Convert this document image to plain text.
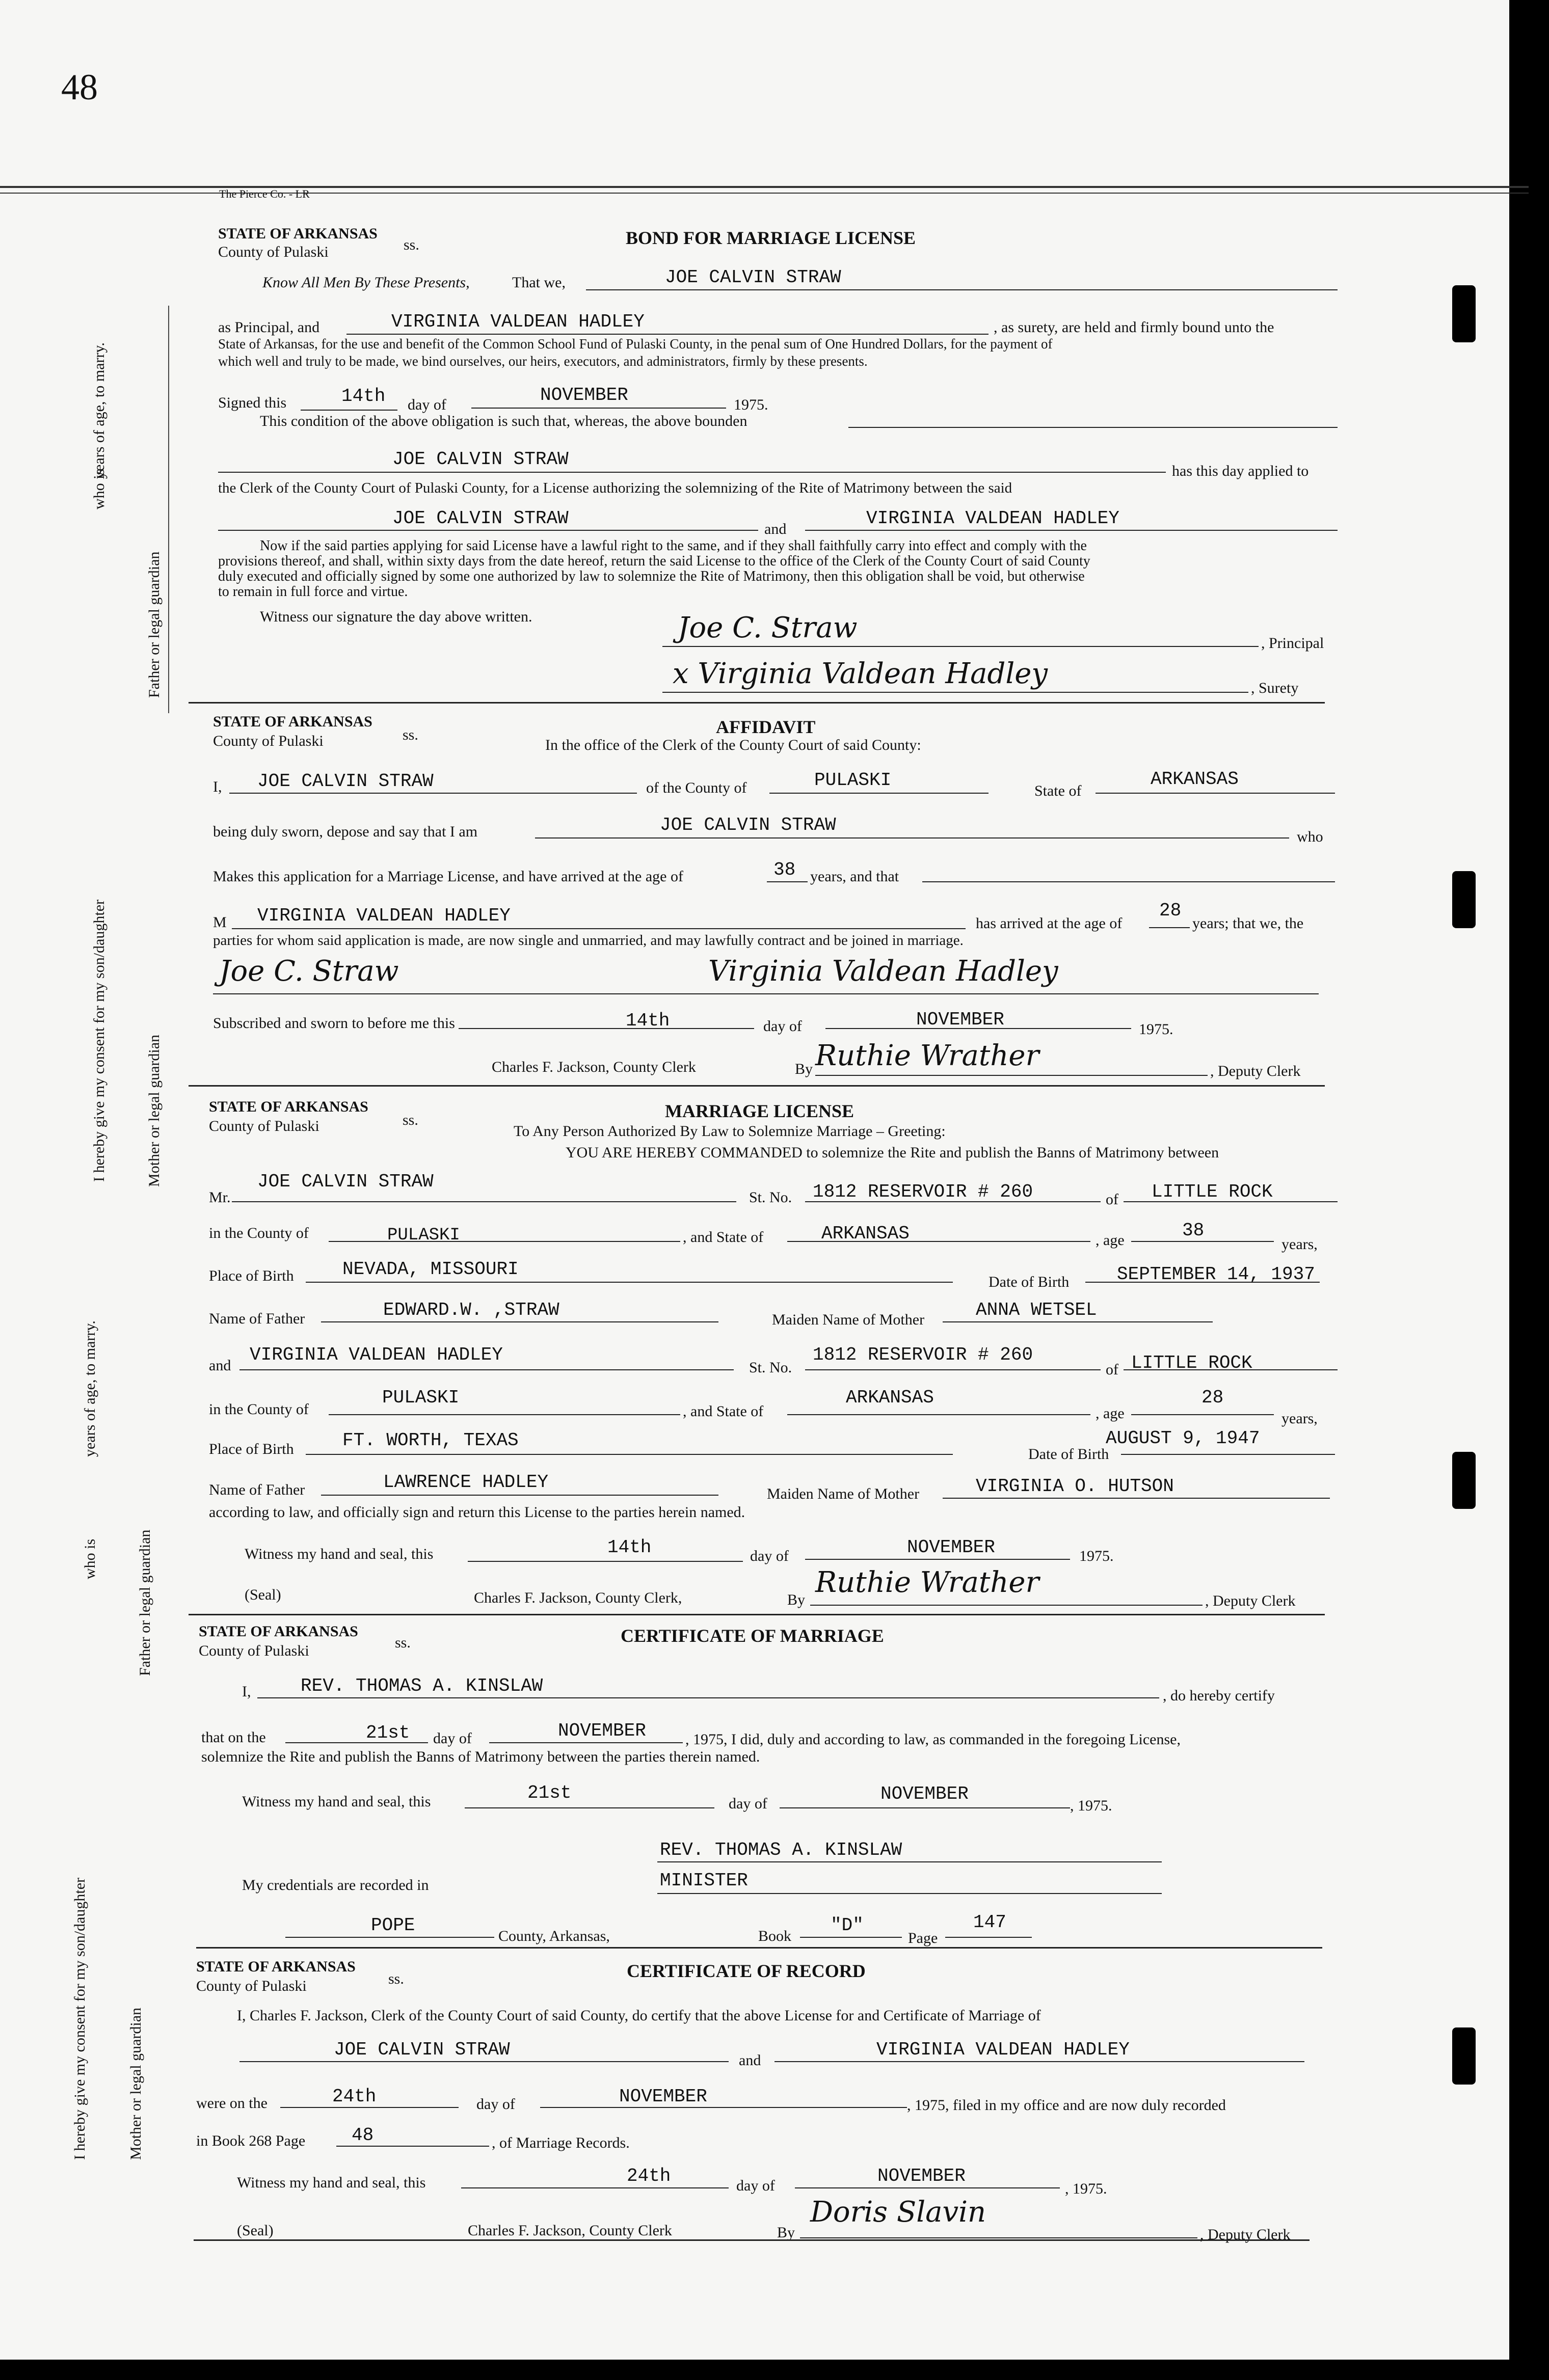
48
The Pierce Co. - LR
who is
years of age, to marry.
Father or legal guardian
I hereby give my consent for my son/daughter	Mother or legal guardian
who is
years of age, to marry.
Father or legal guardian
I hereby give my consent for my son/daughter	Mother or legal guardian
STATE OF ARKANSAS
County of Pulaski	ss.	BOND FOR MARRIAGE LICENSE
Know All Men By These Presents,	That we,	JOE CALVIN STRAW
as Principal, and	VIRGINIA VALDEAN HADLEY	, as surety, are held and firmly bound unto the
State of Arkansas, for the use and benefit of the Common School Fund of Pulaski County, in the penal sum of One Hundred Dollars, for the payment of
which well and truly to be made, we bind ourselves, our heirs, executors, and administrators, firmly by these presents.
Signed this	14th day of	NOVEMBER	1975.
This condition of the above obligation is such that, whereas, the above bounden
JOE CALVIN STRAW
has this day applied to
the Clerk of the County Court of Pulaski County, for a License authorizing the solemnizing of the Rite of Matrimony between the said
JOE CALVIN STRAW
and
VIRGINIA VALDEAN HADLEY
Now if the said parties applying for said License have a lawful right to the same, and if they shall faithfully carry into effect and comply with the
provisions thereof, and shall, within sixty days from the date hereof, return the said License to the office of the Clerk of the County Court of said County
duly executed and officially signed by some one authorized by law to solemnize the Rite of Matrimony, then this obligation shall be void, but otherwise
to remain in full force and virtue.
Witness our signature the day above written.	Joe C. Straw	, Principal
x Virginia Valdean Hadley	, Surety
STATE OF ARKANSAS
County of Pulaski	ss.	AFFIDAVIT
In the office of the Clerk of the County Court of said County:
I, JOE CALVIN STRAW	of the County of	PULASKI
State of
ARKANSAS
being duly sworn, depose and say that I am	JOE CALVIN STRAW
who
Makes this application for a Marriage License, and have arrived at the age of	38 years, and that
M VIRGINIA VALDEAN HADLEY	has arrived at the age of
28
years; that we, the
parties for whom said application is made, are now single and unmarried, and may lawfully contract and be joined in marriage.
Joe C. Straw	Virginia Valdean Hadley
Subscribed and sworn to before me this	14th	day of	NOVEMBER	1975.
Charles F. Jackson, County Clerk	By Ruthie Wrather	, Deputy Clerk
STATE OF ARKANSAS
County of Pulaski	ss.	MARRIAGE LICENSE
To Any Person Authorized By Law to Solemnize Marriage – Greeting:
YOU ARE HEREBY COMMANDED to solemnize the Rite and publish the Banns of Matrimony between
Mr.
JOE CALVIN STRAW
St. No. 1812 RESERVOIR # 260	of LITTLE ROCK
in the County of	PULASKI	, and State of	ARKANSAS	, age	38
years,
Place of Birth	NEVADA, MISSOURI
Date of Birth	SEPTEMBER 14, 1937
Name of Father	EDWARD.W. ,STRAW	Maiden Name of Mother	ANNA WETSEL
and
VIRGINIA VALDEAN HADLEY
St. No.
1812 RESERVOIR # 260
of LITTLE ROCK
in the County of
PULASKI
, and State of
ARKANSAS
, age
28
years,
Place of Birth	FT. WORTH, TEXAS
Date of Birth
AUGUST 9, 1947
Name of Father	LAWRENCE HADLEY
Maiden Name of Mother	VIRGINIA O. HUTSON
according to law, and officially sign and return this License to the parties herein named.
Witness my hand and seal, this	14th	day of	NOVEMBER	1975.
(Seal)	Charles F. Jackson, County Clerk,	By
Ruthie Wrather
, Deputy Clerk
STATE OF ARKANSAS
County of Pulaski	ss.	CERTIFICATE OF MARRIAGE
I,	REV. THOMAS A. KINSLAW	, do hereby certify
that on the	21st day of	NOVEMBER	, 1975, I did, duly and according to law, as commanded in the foregoing License,
solemnize the Rite and publish the Banns of Matrimony between the parties therein named.
Witness my hand and seal, this	21st
day of	NOVEMBER
, 1975.
REV. THOMAS A. KINSLAW
My credentials are recorded in	MINISTER
POPE
County, Arkansas,	Book
"D"
Page
147
STATE OF ARKANSAS
County of Pulaski	ss.	CERTIFICATE OF RECORD
I, Charles F. Jackson, Clerk of the County Court of said County, do certify that the above License for and Certificate of Marriage of
JOE CALVIN STRAW
and
VIRGINIA VALDEAN HADLEY
were on the	24th	day of	NOVEMBER	, 1975, filed in my office and are now duly recorded
in Book 268 Page	48	, of Marriage Records.
Witness my hand and seal, this	24th	day of	NOVEMBER
, 1975.
(Seal)	Charles F. Jackson, County Clerk	By
Doris Slavin
, Deputy Clerk
